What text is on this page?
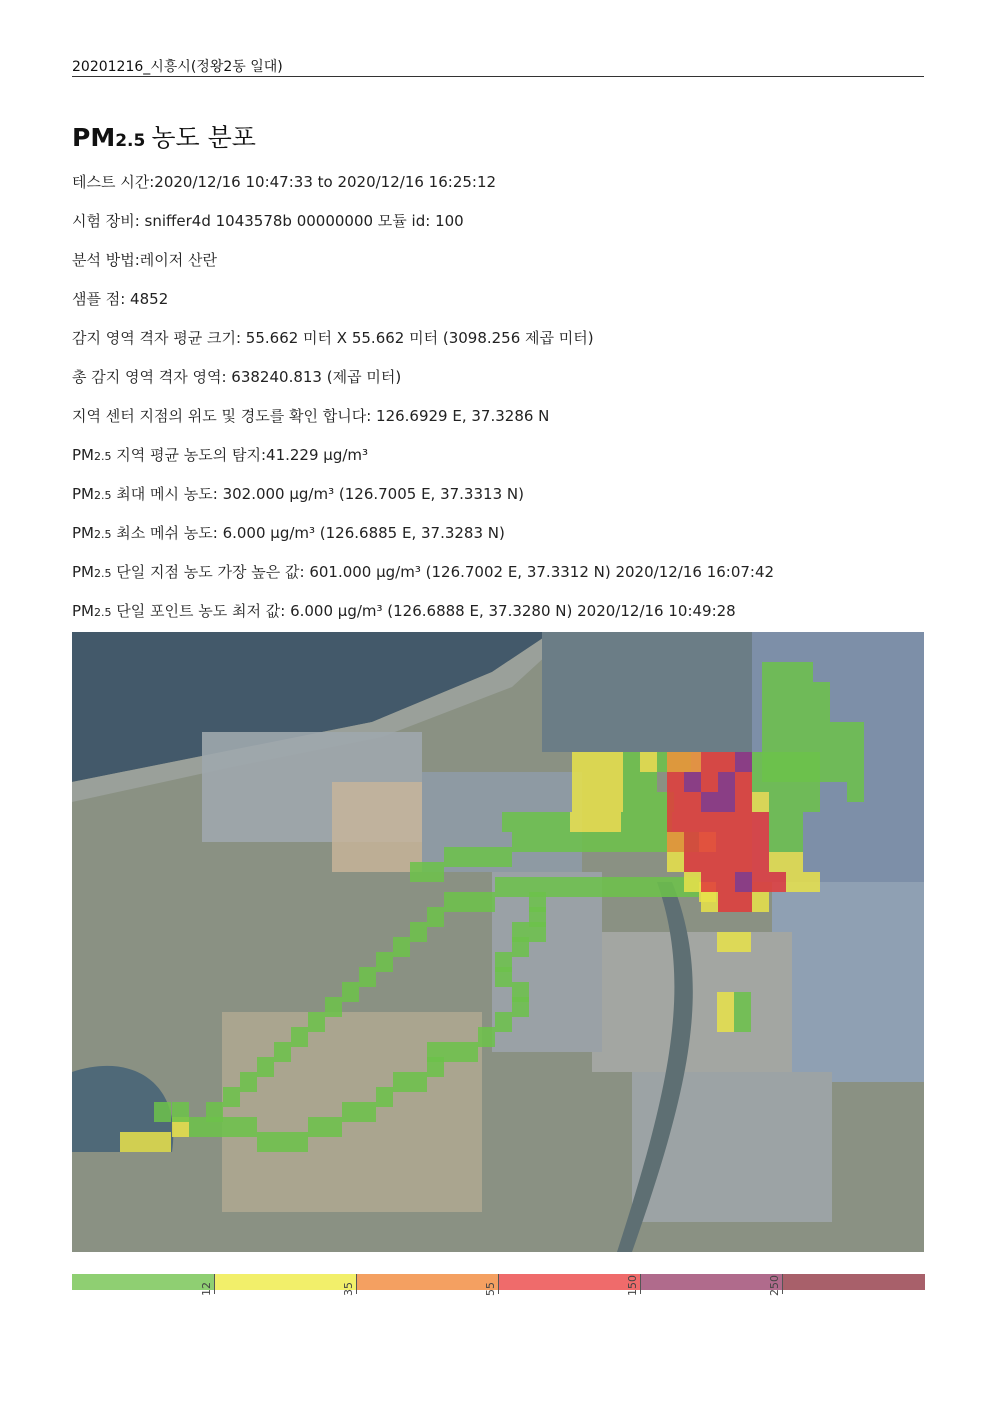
20201216_시흥시(정왕2동 일대)
PM2.5 농도 분포
테스트 시간:2020/12/16 10:47:33 to 2020/12/16 16:25:12
시험 장비: sniffer4d 1043578b 00000000 모듈 id: 100
분석 방법:레이저 산란
샘플 점: 4852
감지 영역 격자 평균 크기: 55.662 미터 X 55.662 미터 (3098.256 제곱 미터)
총 감지 영역 격자 영역: 638240.813 (제곱 미터)
지역 센터 지점의 위도 및 경도를 확인 합니다: 126.6929 E, 37.3286 N
PM2.5 지역 평균 농도의 탐지:41.229 μg/m³
PM2.5 최대 메시 농도: 302.000 μg/m³ (126.7005 E, 37.3313 N)
PM2.5 최소 메쉬 농도: 6.000 μg/m³ (126.6885 E, 37.3283 N)
PM2.5 단일 지점 농도 가장 높은 값: 601.000 μg/m³ (126.7002 E, 37.3312 N) 2020/12/16 16:07:42
PM2.5 단일 포인트 농도 최저 값: 6.000 μg/m³ (126.6888 E, 37.3280 N) 2020/12/16 10:49:28
12	35	55	150	250
